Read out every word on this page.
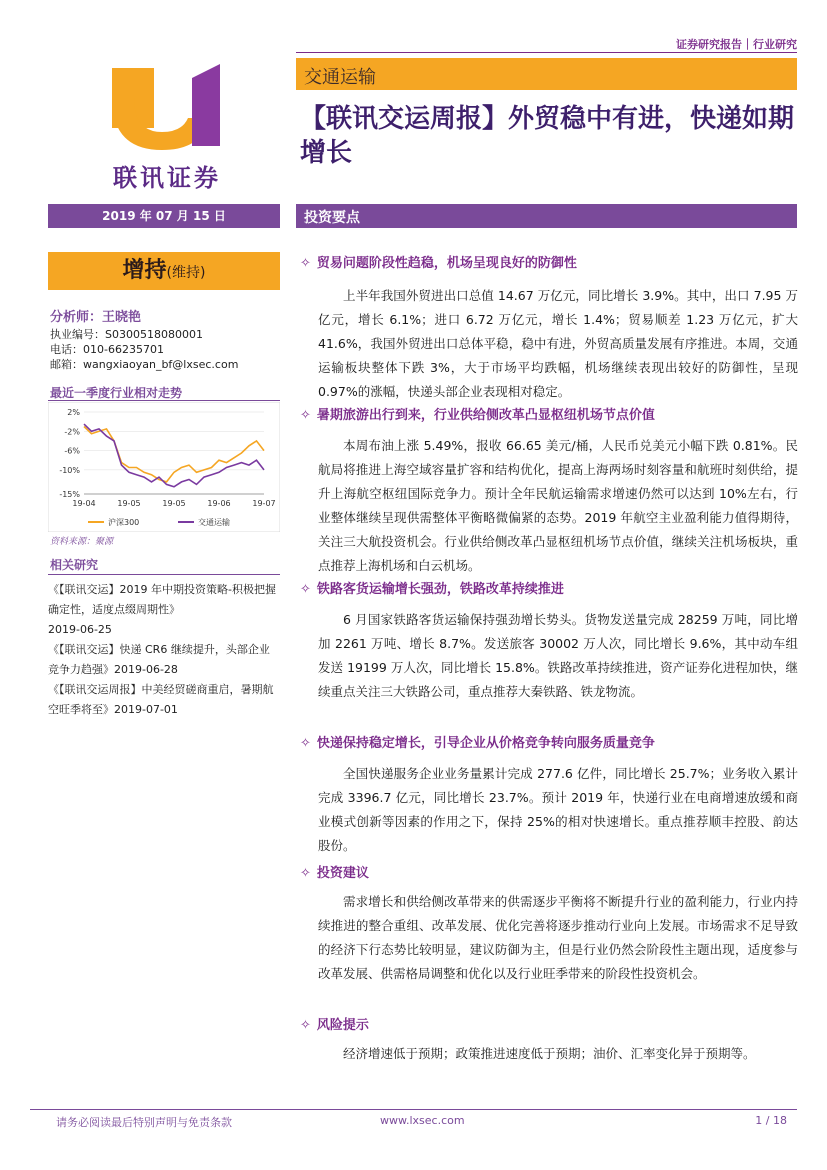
证券研究报告｜行业研究
联讯证券
交通运输
【联讯交运周报】外贸稳中有进，快递如期增长
2019 年 07 月 15 日	投资要点
增持(维持)
分析师：王晓艳
执业编号：S0300518080001
电话：010-66235701
邮箱：wangxiaoyan_bf@lxsec.com
最近一季度行业相对走势
2%
-2%
-6%
-10%
-15%
19-04	19-05	19-05	19-06	19-07
沪深300	交通运输
资料来源：聚源
相关研究
《【联讯交运】2019 年中期投资策略-积极把握确定性，适度点缀周期性》
2019-06-25
《【联讯交运】快递 CR6 继续提升，头部企业竞争力趋强》2019-06-28
《【联讯交运周报】中美经贸磋商重启，暑期航空旺季将至》2019-07-01
✧ 贸易问题阶段性趋稳，机场呈现良好的防御性
上半年我国外贸进出口总值 14.67 万亿元，同比增长 3.9%。其中，出口 7.95 万亿元，增长 6.1%；进口 6.72 万亿元，增长 1.4%；贸易顺差 1.23 万亿元，扩大 41.6%，我国外贸进出口总体平稳，稳中有进，外贸高质量发展有序推进。本周，交通运输板块整体下跌 3%，大于市场平均跌幅，机场继续表现出较好的防御性，呈现 0.97%的涨幅，快递头部企业表现相对稳定。
✧ 暑期旅游出行到来，行业供给侧改革凸显枢纽机场节点价值
本周布油上涨 5.49%，报收 66.65 美元/桶，人民币兑美元小幅下跌 0.81%。民航局将推进上海空域容量扩容和结构优化，提高上海两场时刻容量和航班时刻供给，提升上海航空枢纽国际竞争力。预计全年民航运输需求增速仍然可以达到 10%左右，行业整体继续呈现供需整体平衡略微偏紧的态势。2019 年航空主业盈利能力值得期待，关注三大航投资机会。行业供给侧改革凸显枢纽机场节点价值，继续关注机场板块，重点推荐上海机场和白云机场。
✧ 铁路客货运输增长强劲，铁路改革持续推进
6 月国家铁路客货运输保持强劲增长势头。货物发送量完成 28259 万吨，同比增加 2261 万吨、增长 8.7%。发送旅客 30002 万人次，同比增长 9.6%，其中动车组发送 19199 万人次，同比增长 15.8%。铁路改革持续推进，资产证券化进程加快，继续重点关注三大铁路公司，重点推荐大秦铁路、铁龙物流。
✧ 快递保持稳定增长，引导企业从价格竞争转向服务质量竞争
全国快递服务企业业务量累计完成 277.6 亿件，同比增长 25.7%；业务收入累计完成 3396.7 亿元，同比增长 23.7%。预计 2019 年，快递行业在电商增速放缓和商业模式创新等因素的作用之下，保持 25%的相对快速增长。重点推荐顺丰控股、韵达股份。
✧ 投资建议
需求增长和供给侧改革带来的供需逐步平衡将不断提升行业的盈利能力，行业内持续推进的整合重组、改革发展、优化完善将逐步推动行业向上发展。市场需求不足导致的经济下行态势比较明显，建议防御为主，但是行业仍然会阶段性主题出现，适度参与改革发展、供需格局调整和优化以及行业旺季带来的阶段性投资机会。
✧ 风险提示
经济增速低于预期；政策推进速度低于预期；油价、汇率变化异于预期等。
请务必阅读最后特别声明与免责条款	www.lxsec.com	1 / 18
